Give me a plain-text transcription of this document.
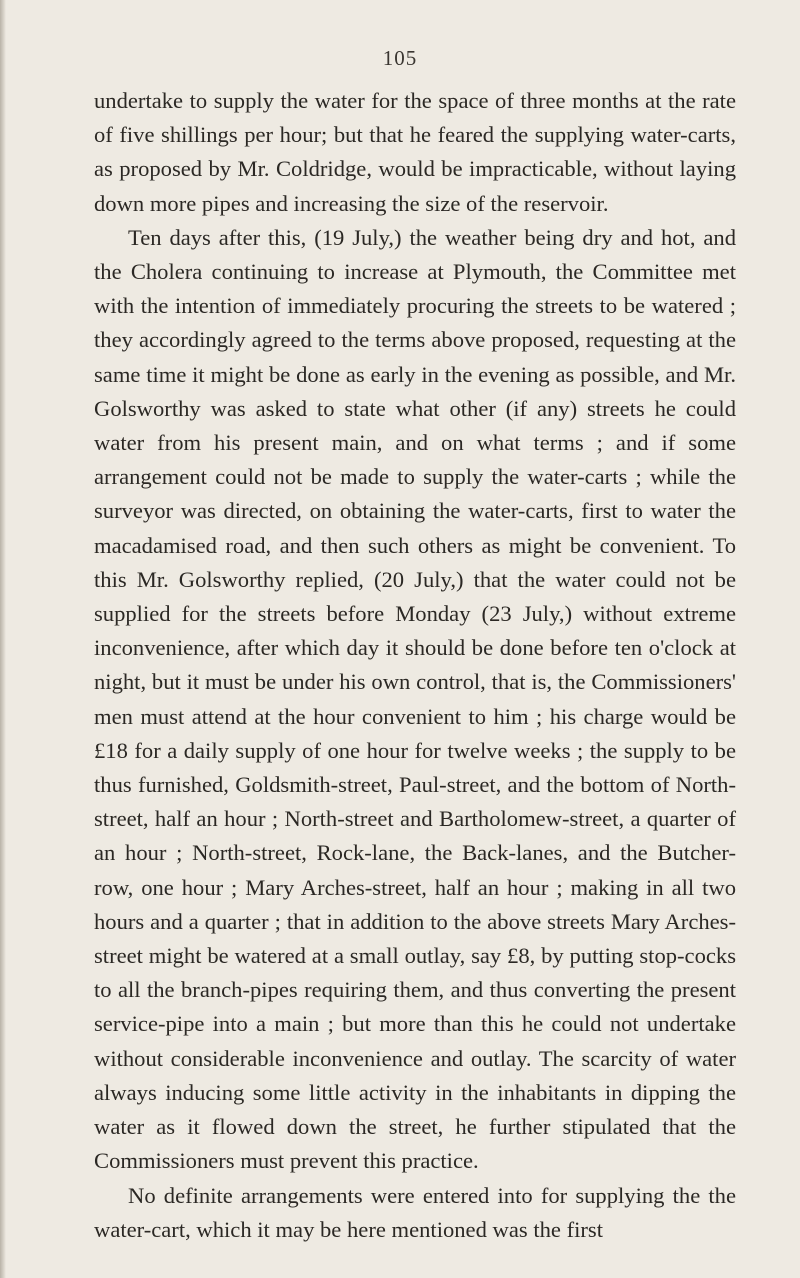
105

undertake to supply the water for the space of three months at the rate of five shillings per hour; but that he feared the supplying water-carts, as proposed by Mr. Coldridge, would be impracticable, without laying down more pipes and increasing the size of the reservoir.

Ten days after this, (19 July,) the weather being dry and hot, and the Cholera continuing to increase at Plymouth, the Committee met with the intention of immediately procuring the streets to be watered ; they accordingly agreed to the terms above proposed, requesting at the same time it might be done as early in the evening as possible, and Mr. Golsworthy was asked to state what other (if any) streets he could water from his present main, and on what terms ; and if some arrangement could not be made to supply the water-carts ; while the surveyor was directed, on obtaining the water-carts, first to water the macadamised road, and then such others as might be convenient. To this Mr. Golsworthy replied, (20 July,) that the water could not be supplied for the streets before Monday (23 July,) without extreme inconvenience, after which day it should be done before ten o'clock at night, but it must be under his own control, that is, the Commissioners' men must attend at the hour convenient to him ; his charge would be £18 for a daily supply of one hour for twelve weeks ; the supply to be thus furnished, Goldsmith-street, Paul-street, and the bottom of North-street, half an hour ; North-street and Bartholomew-street, a quarter of an hour ; North-street, Rock-lane, the Back-lanes, and the Butcher-row, one hour ; Mary Arches-street, half an hour ; making in all two hours and a quarter ; that in addition to the above streets Mary Arches-street might be watered at a small outlay, say £8, by putting stop-cocks to all the branch-pipes requiring them, and thus converting the present service-pipe into a main ; but more than this he could not undertake without considerable inconvenience and outlay. The scarcity of water always inducing some little activity in the inhabitants in dipping the water as it flowed down the street, he further stipulated that the Commissioners must prevent this practice.

No definite arrangements were entered into for supplying the the water-cart, which it may be here mentioned was the first
